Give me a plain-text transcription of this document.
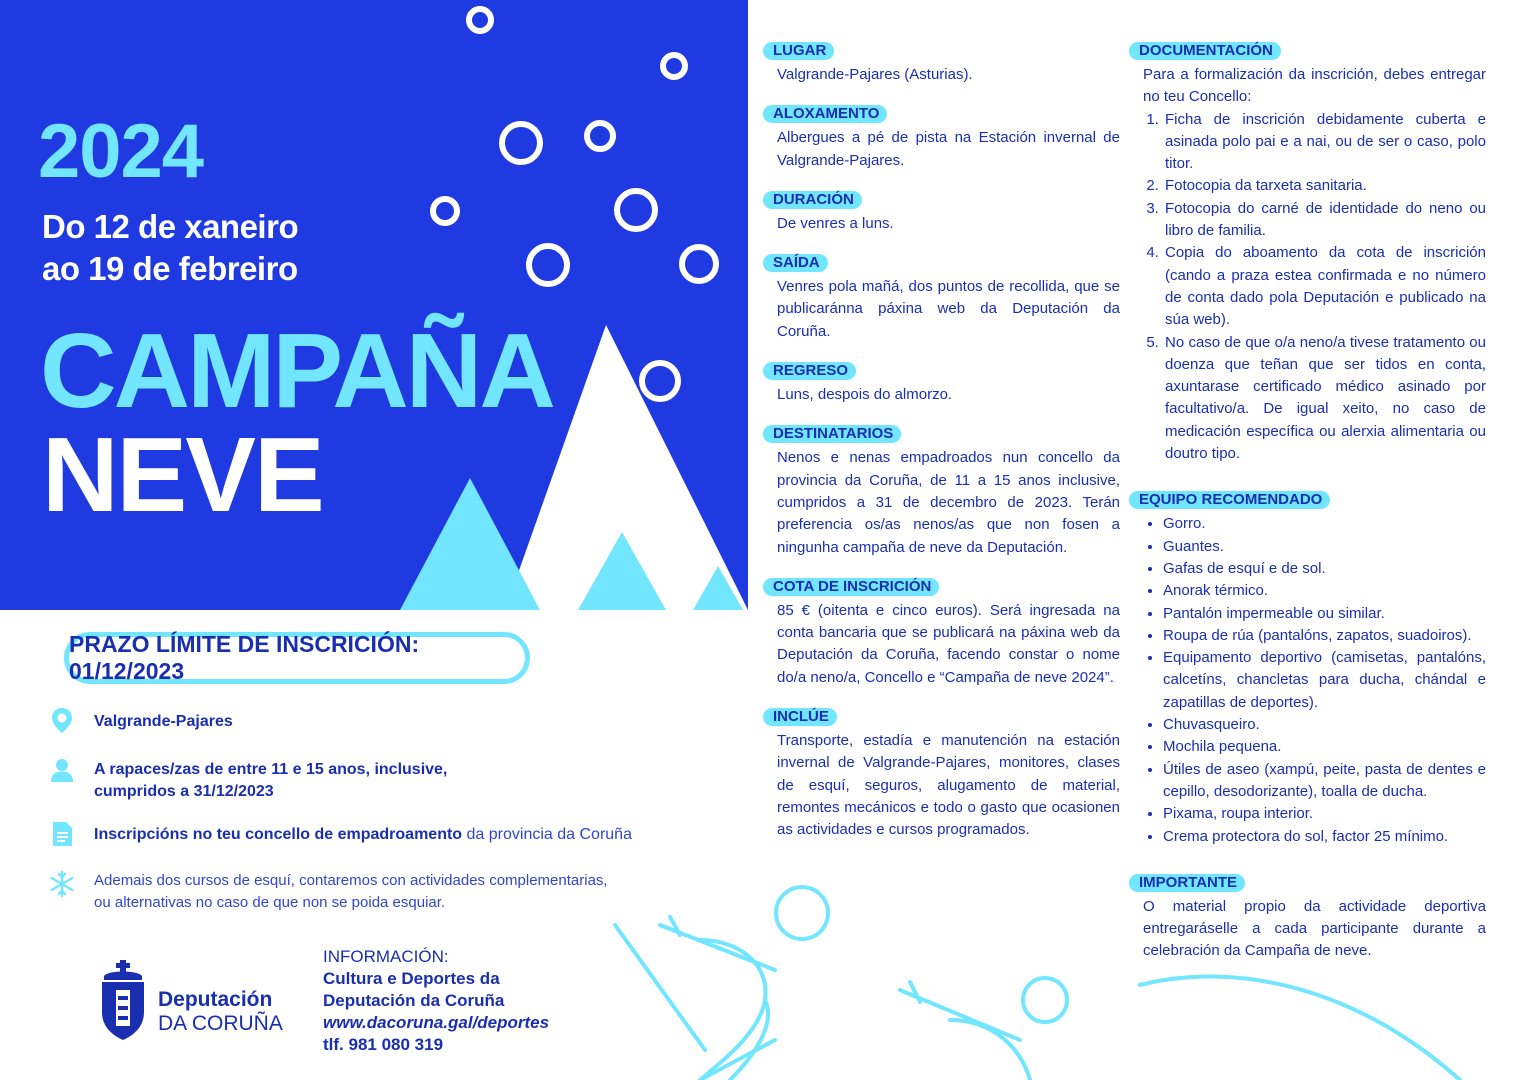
2024
Do 12 de xaneiro
ao 19 de febreiro
CAMPAÑA
NEVE
PRAZO LÍMITE DE INSCRICIÓN: 01/12/2023
Valgrande-Pajares
A rapaces/zas de entre 11 e 15 anos, inclusive,
cumpridos a 31/12/2023
Inscripcións no teu concello de empadroamento da provincia da Coruña
Ademais dos cursos de esquí, contaremos con actividades complementarias,
ou alternativas no caso de que non se poida esquiar.
Deputación
DA CORUÑA
INFORMACIÓN:
Cultura e Deportes da
Deputación da Coruña
www.dacoruna.gal/deportes
tlf. 981 080 319
LUGAR

Valgrande-Pajares (Asturias).

ALOXAMENTO

Albergues a pé de pista na Estación invernal de Valgrande-Pajares.

DURACIÓN

De venres a luns.

SAÍDA

Venres pola mañá, dos puntos de recollida, que se publicaránna páxina web da Deputación da Coruña.

REGRESO

Luns, despois do almorzo.

DESTINATARIOS

Nenos e nenas empadroados nun concello da provincia da Coruña, de 11 a 15 anos inclusive, cumpridos a 31 de decembro de 2023. Terán preferencia os/as nenos/as que non fosen a ningunha campaña de neve da Deputación.

COTA DE INSCRICIÓN

85 € (oitenta e cinco euros). Será ingresada na conta bancaria que se publicará na páxina web da Deputación da Coruña, facendo constar o nome do/a neno/a, Concello e “Campaña de neve 2024”.

INCLÚE

Transporte, estadía e manutención na estación invernal de Valgrande-Pajares, monitores, clases de esquí, seguros, alugamento de material, remontes mecánicos e todo o gasto que ocasionen as actividades e cursos programados.

DOCUMENTACIÓN

Para a formalización da inscrición, debes entregar no teu Concello:

1. Ficha de inscrición debidamente cuberta e asinada polo pai e a nai, ou de ser o caso, polo titor.
2. Fotocopia da tarxeta sanitaria.
3. Fotocopia do carné de identidade do neno ou libro de familia.
4. Copia do aboamento da cota de inscrición (cando a praza estea confirmada e no número de conta dado pola Deputación e publicado na súa web).
5. No caso de que o/a neno/a tivese tratamento ou doenza que teñan que ser tidos en conta, axuntarase certificado médico asinado por facultativo/a. De igual xeito, no caso de medicación específica ou alerxia alimentaria ou doutro tipo.
EQUIPO RECOMENDADO
• Gorro.
• Guantes.
• Gafas de esquí e de sol.
• Anorak térmico.
• Pantalón impermeable ou similar.
• Roupa de rúa (pantalóns, zapatos, suadoiros).
• Equipamento deportivo (camisetas, pantalóns, calcetíns, chancletas para ducha, chándal e zapatillas de deportes).
• Chuvasqueiro.
• Mochila pequena.
• Útiles de aseo (xampú, peite, pasta de dentes e cepillo, desodorizante), toalla de ducha.
• Pixama, roupa interior.
• Crema protectora do sol, factor 25 mínimo.
IMPORTANTE

O material propio da actividade deportiva entregaráselle a cada participante durante a celebración da Campaña de neve.
